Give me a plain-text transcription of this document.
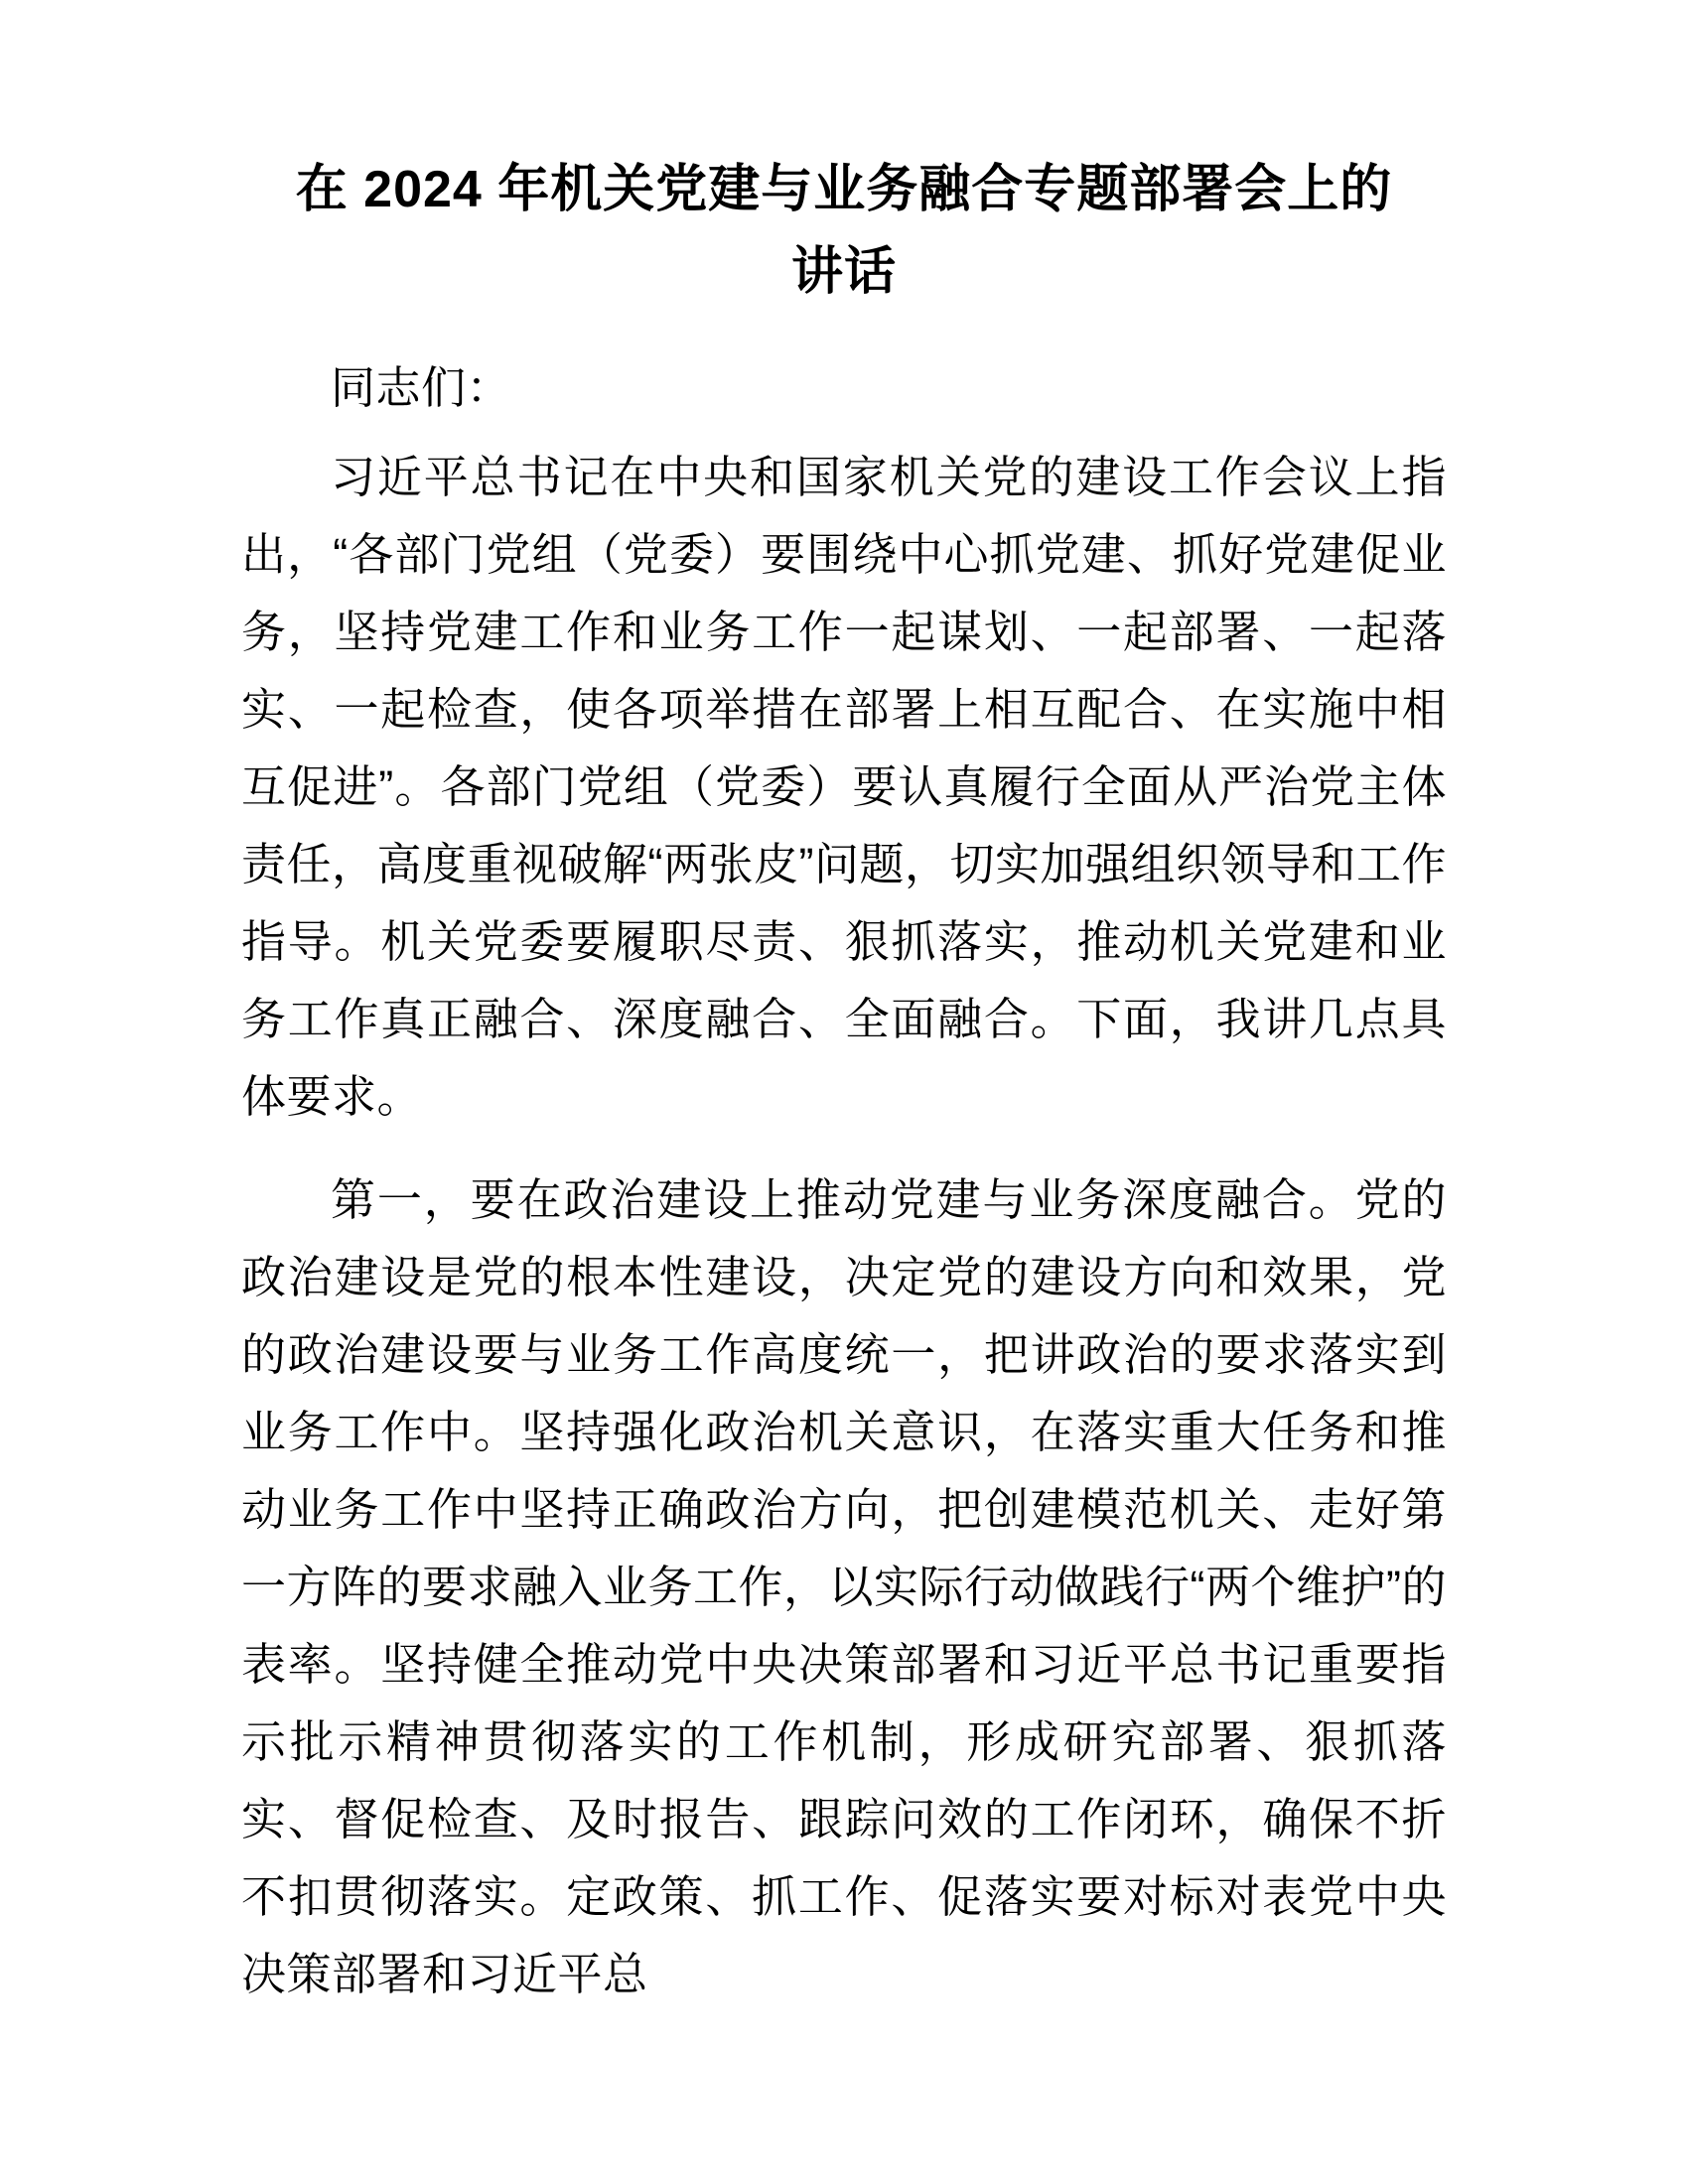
在 2024 年机关党建与业务融合专题部署会上的讲话

同志们：

习近平总书记在中央和国家机关党的建设工作会议上指出，“各部门党组（党委）要围绕中心抓党建、抓好党建促业务，坚持党建工作和业务工作一起谋划、一起部署、一起落实、一起检查，使各项举措在部署上相互配合、在实施中相互促进”。各部门党组（党委）要认真履行全面从严治党主体责任，高度重视破解“两张皮”问题，切实加强组织领导和工作指导。机关党委要履职尽责、狠抓落实，推动机关党建和业务工作真正融合、深度融合、全面融合。下面，我讲几点具体要求。

第一，要在政治建设上推动党建与业务深度融合。党的政治建设是党的根本性建设，决定党的建设方向和效果，党的政治建设要与业务工作高度统一，把讲政治的要求落实到业务工作中。坚持强化政治机关意识，在落实重大任务和推动业务工作中坚持正确政治方向，把创建模范机关、走好第一方阵的要求融入业务工作，以实际行动做践行“两个维护”的表率。坚持健全推动党中央决策部署和习近平总书记重要指示批示精神贯彻落实的工作机制，形成研究部署、狠抓落实、督促检查、及时报告、跟踪问效的工作闭环，确保不折不扣贯彻落实。定政策、抓工作、促落实要对标对表党中央决策部署和习近平总
